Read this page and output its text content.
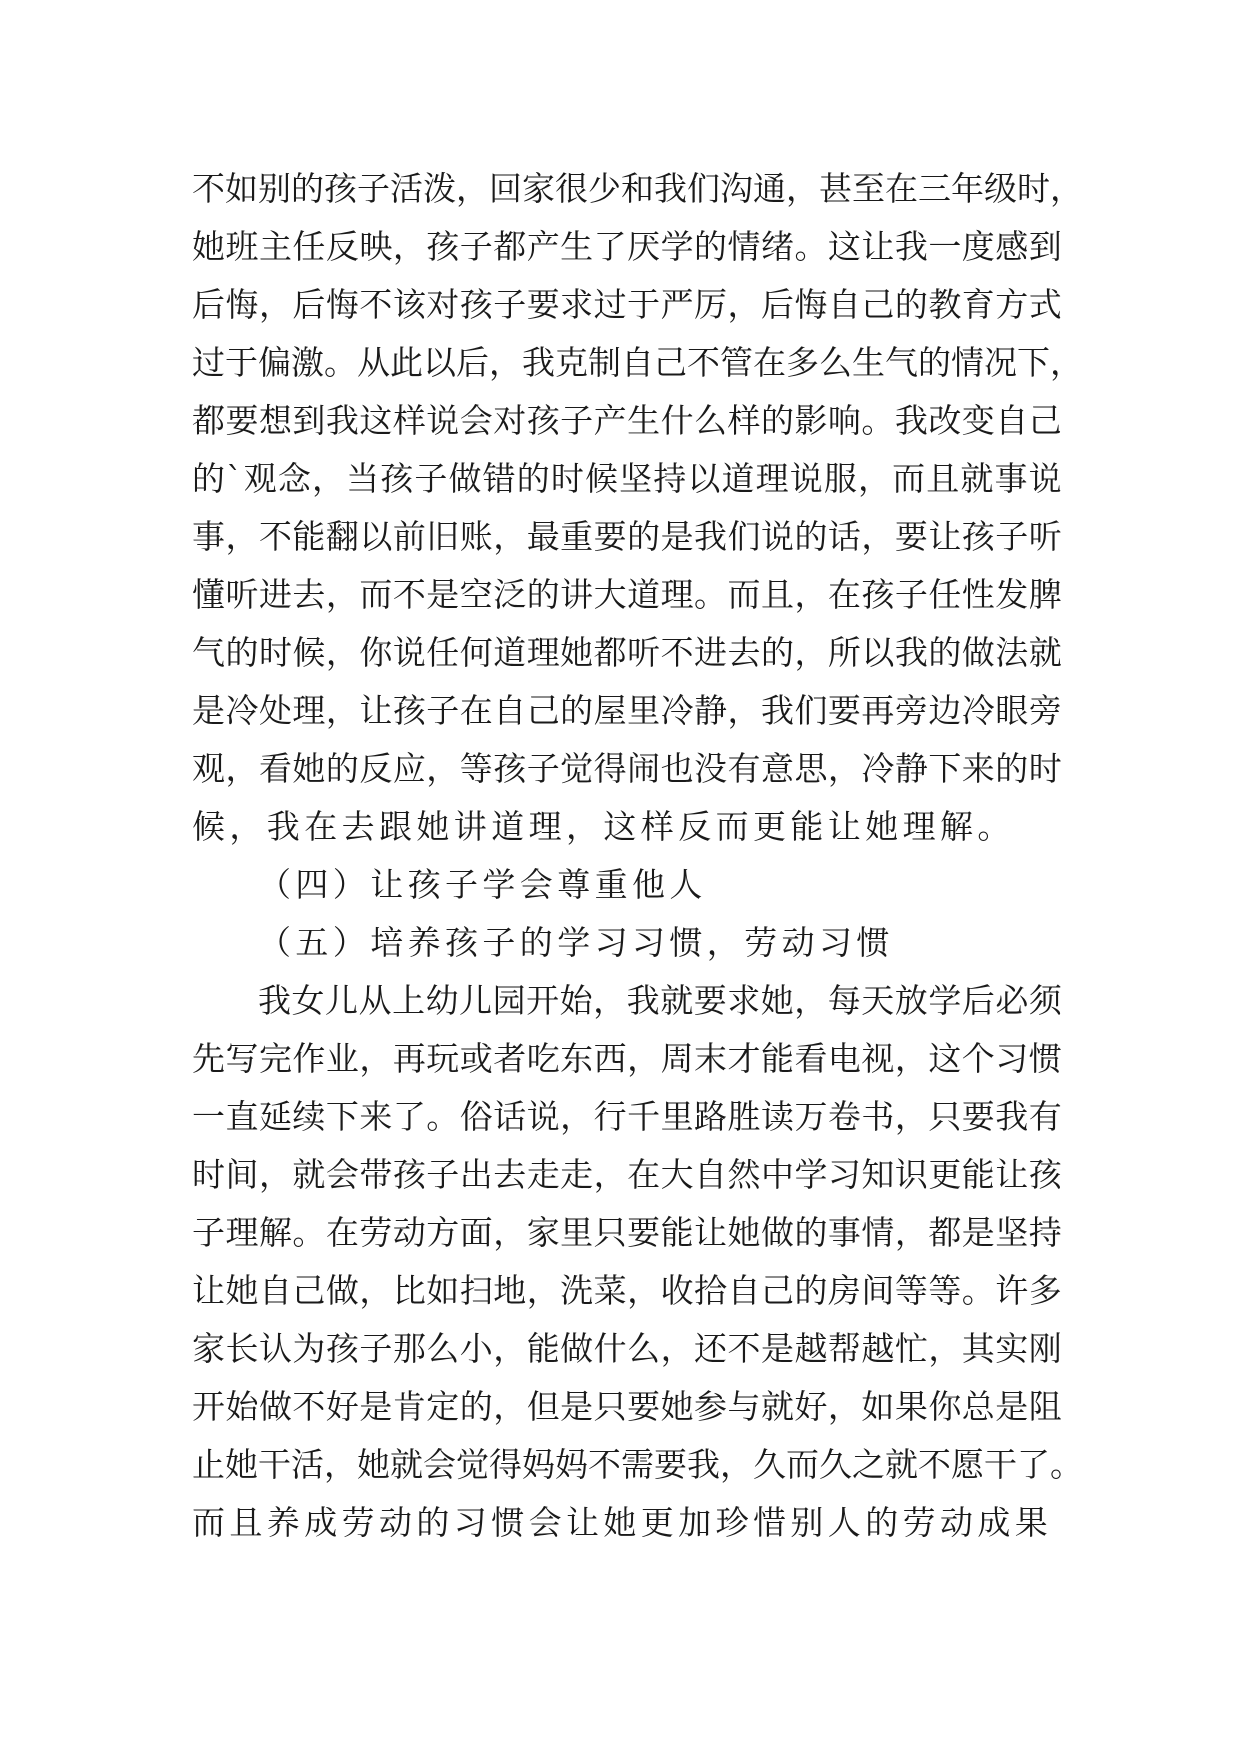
不 如 别 的 孩 子 活 泼 ， 回 家 很 少 和 我 们 沟 通 ， 甚 至 在 三 年 级 时 ，
她 班 主 任 反 映 ， 孩 子 都 产 生 了 厌 学 的 情 绪 。 这 让 我 一 度 感 到
后 悔 ， 后 悔 不 该 对 孩 子 要 求 过 于 严 厉 ， 后 悔 自 己 的 教 育 方 式
过 于 偏 激 。 从 此 以 后 ， 我 克 制 自 己 不 管 在 多 么 生 气 的 情 况 下 ，
都 要 想 到 我 这 样 说 会 对 孩 子 产 生 什 么 样 的 影 响 。 我 改 变 自 己
的 ` 观 念 ， 当 孩 子 做 错 的 时 候 坚 持 以 道 理 说 服 ， 而 且 就 事 说
事 ， 不 能 翻 以 前 旧 账 ， 最 重 要 的 是 我 们 说 的 话 ， 要 让 孩 子 听
懂 听 进 去 ， 而 不 是 空 泛 的 讲 大 道 理 。 而 且 ， 在 孩 子 任 性 发 脾
气 的 时 候 ， 你 说 任 何 道 理 她 都 听 不 进 去 的 ， 所 以 我 的 做 法 就
是 冷 处 理 ， 让 孩 子 在 自 己 的 屋 里 冷 静 ， 我 们 要 再 旁 边 冷 眼 旁
观 ， 看 她 的 反 应 ， 等 孩 子 觉 得 闹 也 没 有 意 思 ， 冷 静 下 来 的 时
候，我在去跟她讲道理，这样反而更能让她理解。
（四）让孩子学会尊重他人
（五）培养孩子的学习习惯，劳动习惯
我 女 儿 从 上 幼 儿 园 开 始 ， 我 就 要 求 她 ， 每 天 放 学 后 必 须
先 写 完 作 业 ， 再 玩 或 者 吃 东 西 ， 周 末 才 能 看 电 视 ， 这 个 习 惯
一 直 延 续 下 来 了 。 俗 话 说 ， 行 千 里 路 胜 读 万 卷 书 ， 只 要 我 有
时 间 ， 就 会 带 孩 子 出 去 走 走 ， 在 大 自 然 中 学 习 知 识 更 能 让 孩
子 理 解 。 在 劳 动 方 面 ， 家 里 只 要 能 让 她 做 的 事 情 ， 都 是 坚 持
让 她 自 己 做 ， 比 如 扫 地 ， 洗 菜 ， 收 拾 自 己 的 房 间 等 等 。 许 多
家 长 认 为 孩 子 那 么 小 ， 能 做 什 么 ， 还 不 是 越 帮 越 忙 ， 其 实 刚
开 始 做 不 好 是 肯 定 的 ， 但 是 只 要 她 参 与 就 好 ， 如 果 你 总 是 阻
止 她 干 活 ， 她 就 会 觉 得 妈 妈 不 需 要 我 ， 久 而 久 之 就 不 愿 干 了 。
而且养成劳动的习惯会让她更加珍惜别人的劳动成果
